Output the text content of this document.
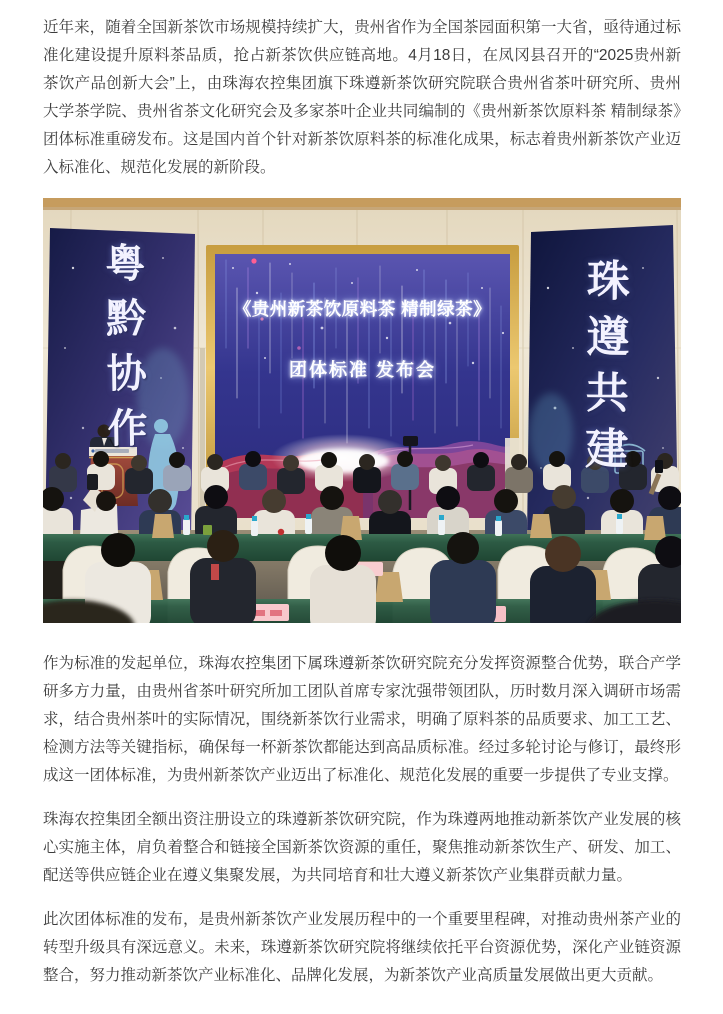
近年来，随着全国新茶饮市场规模持续扩大，贵州省作为全国茶园面积第一大省，亟待通过标准化建设提升原料茶品质，抢占新茶饮供应链高地。4月18日，在凤冈县召开的“2025贵州新茶饮产品创新大会”上，由珠海农控集团旗下珠遵新茶饮研究院联合贵州省茶叶研究所、贵州大学茶学院、贵州省茶文化研究会及多家茶叶企业共同编制的《贵州新茶饮原料茶 精制绿茶》团体标准重磅发布。这是国内首个针对新茶饮原料茶的标准化成果，标志着贵州新茶饮产业迈入标准化、规范化发展的新阶段。

粤黔协作	珠遵共建
《贵州新茶饮原料茶 精制绿茶》
团体标准 发布会

作为标准的发起单位，珠海农控集团下属珠遵新茶饮研究院充分发挥资源整合优势，联合产学研多方力量，由贵州省茶叶研究所加工团队首席专家沈强带领团队，历时数月深入调研市场需求，结合贵州茶叶的实际情况，围绕新茶饮行业需求，明确了原料茶的品质要求、加工工艺、检测方法等关键指标，确保每一杯新茶饮都能达到高品质标准。经过多轮讨论与修订，最终形成这一团体标准，为贵州新茶饮产业迈出了标准化、规范化发展的重要一步提供了专业支撑。

珠海农控集团全额出资注册设立的珠遵新茶饮研究院，作为珠遵两地推动新茶饮产业发展的核心实施主体，肩负着整合和链接全国新茶饮资源的重任，聚焦推动新茶饮生产、研发、加工、配送等供应链企业在遵义集聚发展，为共同培育和壮大遵义新茶饮产业集群贡献力量。

此次团体标准的发布，是贵州新茶饮产业发展历程中的一个重要里程碑，对推动贵州茶产业的转型升级具有深远意义。未来，珠遵新茶饮研究院将继续依托平台资源优势，深化产业链资源整合，努力推动新茶饮产业标准化、品牌化发展，为新茶饮产业高质量发展做出更大贡献。
